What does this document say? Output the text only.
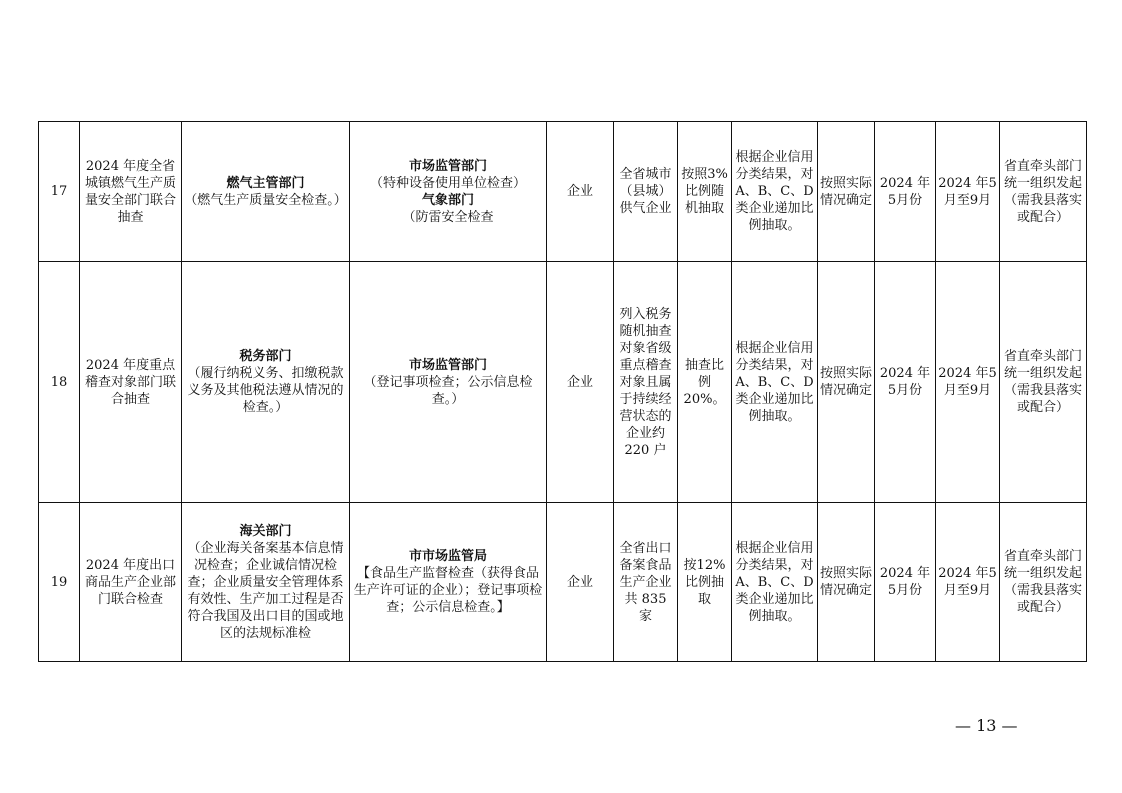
17	2024 年度全省城镇燃气生产质量安全部门联合抽查	燃气主管部门
（燃气生产质量安全检查。）	市场监管部门
（特种设备使用单位检查）
气象部门
（防雷安全检查	企业	全省城市（县城）供气企业	按照3%比例随机抽取	根据企业信用分类结果，对A、B、C、D 类企业递加比例抽取。	按照实际情况确定	2024 年5月份	2024 年5月至9月	省直牵头部门统一组织发起（需我县落实或配合）
18	2024 年度重点稽查对象部门联合抽查	税务部门
（履行纳税义务、扣缴税款义务及其他税法遵从情况的检查。）	市场监管部门
（登记事项检查；公示信息检查。）	企业	列入税务随机抽查对象省级重点稽查对象且属于持续经营状态的企业约 220 户	抽查比例20%。	根据企业信用分类结果，对A、B、C、D 类企业递加比例抽取。	按照实际情况确定	2024 年5月份	2024 年5月至9月	省直牵头部门统一组织发起（需我县落实或配合）
19	2024 年度出口商品生产企业部门联合检查	海关部门
（企业海关备案基本信息情况检查；企业诚信情况检查；企业质量安全管理体系有效性、生产加工过程是否符合我国及出口目的国或地区的法规标准检	市市场监管局
【食品生产监督检查（获得食品生产许可证的企业）；登记事项检查；公示信息检查。】	企业	全省出口备案食品生产企业共 835 家	按12%比例抽取	根据企业信用分类结果，对A、B、C、D 类企业递加比例抽取。	按照实际情况确定	2024 年5月份	2024 年5月至9月	省直牵头部门统一组织发起（需我县落实或配合）
— 13 —
